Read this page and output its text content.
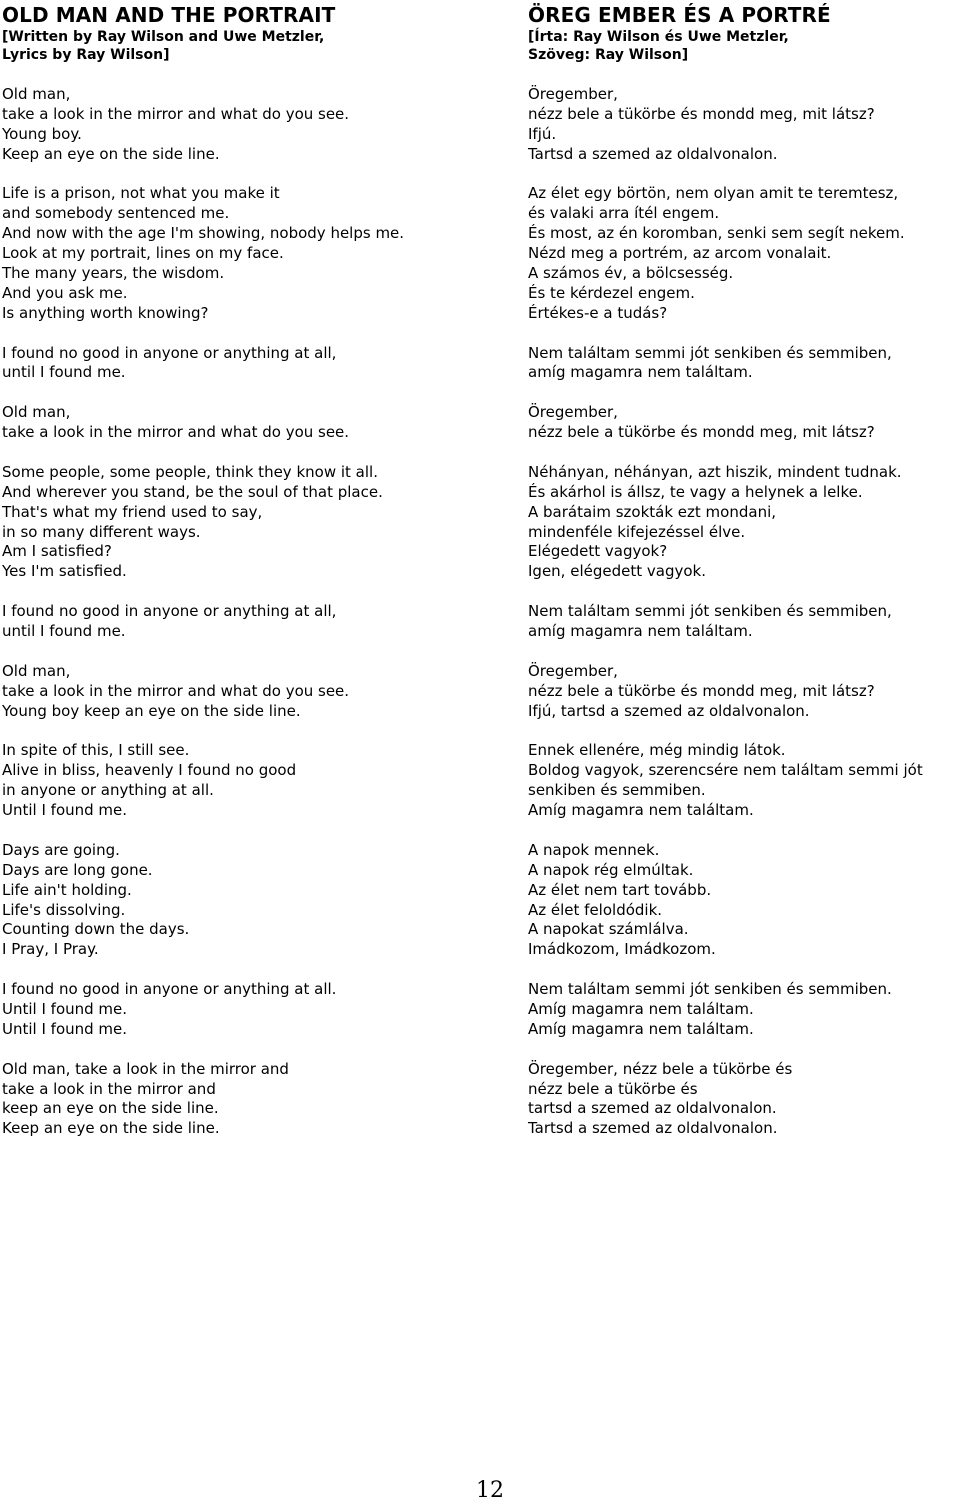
OLD MAN AND THE PORTRAIT
[Written by Ray Wilson and Uwe Metzler,
Lyrics by Ray Wilson]
Old man,
take a look in the mirror and what do you see.
Young boy.
Keep an eye on the side line.
Life is a prison, not what you make it
and somebody sentenced me.
And now with the age I'm showing, nobody helps me.
Look at my portrait, lines on my face.
The many years, the wisdom.
And you ask me.
Is anything worth knowing?
I found no good in anyone or anything at all,
until I found me.
Old man,
take a look in the mirror and what do you see.
Some people, some people, think they know it all.
And wherever you stand, be the soul of that place.
That's what my friend used to say,
in so many different ways.
Am I satisfied?
Yes I'm satisfied.
I found no good in anyone or anything at all,
until I found me.
Old man,
take a look in the mirror and what do you see.
Young boy keep an eye on the side line.
In spite of this, I still see.
Alive in bliss, heavenly I found no good
in anyone or anything at all.
Until I found me.
Days are going.
Days are long gone.
Life ain't holding.
Life's dissolving.
Counting down the days.
I Pray, I Pray.
I found no good in anyone or anything at all.
Until I found me.
Until I found me.
Old man, take a look in the mirror and
take a look in the mirror and
keep an eye on the side line.
Keep an eye on the side line.
ÖREG EMBER ÉS A PORTRÉ
[Írta: Ray Wilson és Uwe Metzler,
Szöveg: Ray Wilson]
Öregember,
nézz bele a tükörbe és mondd meg, mit látsz?
Ifjú.
Tartsd a szemed az oldalvonalon.
Az élet egy börtön, nem olyan amit te teremtesz,
és valaki arra ítél engem.
És most, az én koromban, senki sem segít nekem.
Nézd meg a portrém, az arcom vonalait.
A számos év, a bölcsesség.
És te kérdezel engem.
Értékes-e a tudás?
Nem találtam semmi jót senkiben és semmiben,
amíg magamra nem találtam.
Öregember,
nézz bele a tükörbe és mondd meg, mit látsz?
Néhányan, néhányan, azt hiszik, mindent tudnak.
És akárhol is állsz, te vagy a helynek a lelke.
A barátaim szokták ezt mondani,
mindenféle kifejezéssel élve.
Elégedett vagyok?
Igen, elégedett vagyok.
Nem találtam semmi jót senkiben és semmiben,
amíg magamra nem találtam.
Öregember,
nézz bele a tükörbe és mondd meg, mit látsz?
Ifjú, tartsd a szemed az oldalvonalon.
Ennek ellenére, még mindig látok.
Boldog vagyok, szerencsére nem találtam semmi jót
senkiben és semmiben.
Amíg magamra nem találtam.
A napok mennek.
A napok rég elmúltak.
Az élet nem tart tovább.
Az élet feloldódik.
A napokat számlálva.
Imádkozom, Imádkozom.
Nem találtam semmi jót senkiben és semmiben.
Amíg magamra nem találtam.
Amíg magamra nem találtam.
Öregember, nézz bele a tükörbe és
nézz bele a tükörbe és
tartsd a szemed az oldalvonalon.
Tartsd a szemed az oldalvonalon.
12
